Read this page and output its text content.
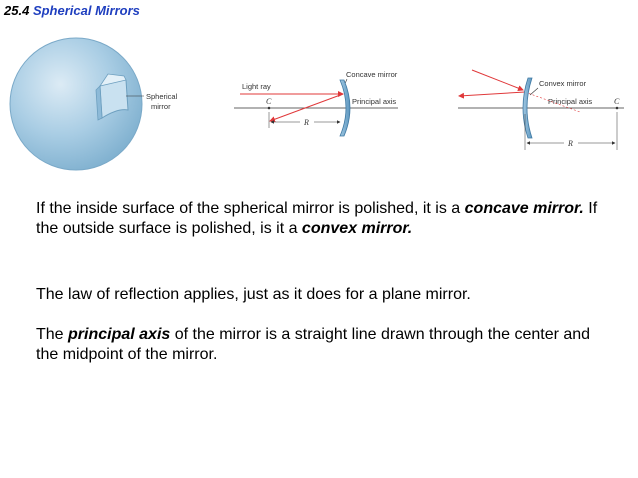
25.4 Spherical Mirrors
Spherical
mirror
Concave mirror
Light ray
Principal axis
C
R
Convex mirror
Principal axis	C
R
If the inside surface of the spherical mirror is polished, it is a concave mirror. If the outside surface is polished, is it a convex mirror.
The law of reflection applies, just as it does for a plane mirror.
The principal axis of the mirror is a straight line drawn through the center and the midpoint of the mirror.
